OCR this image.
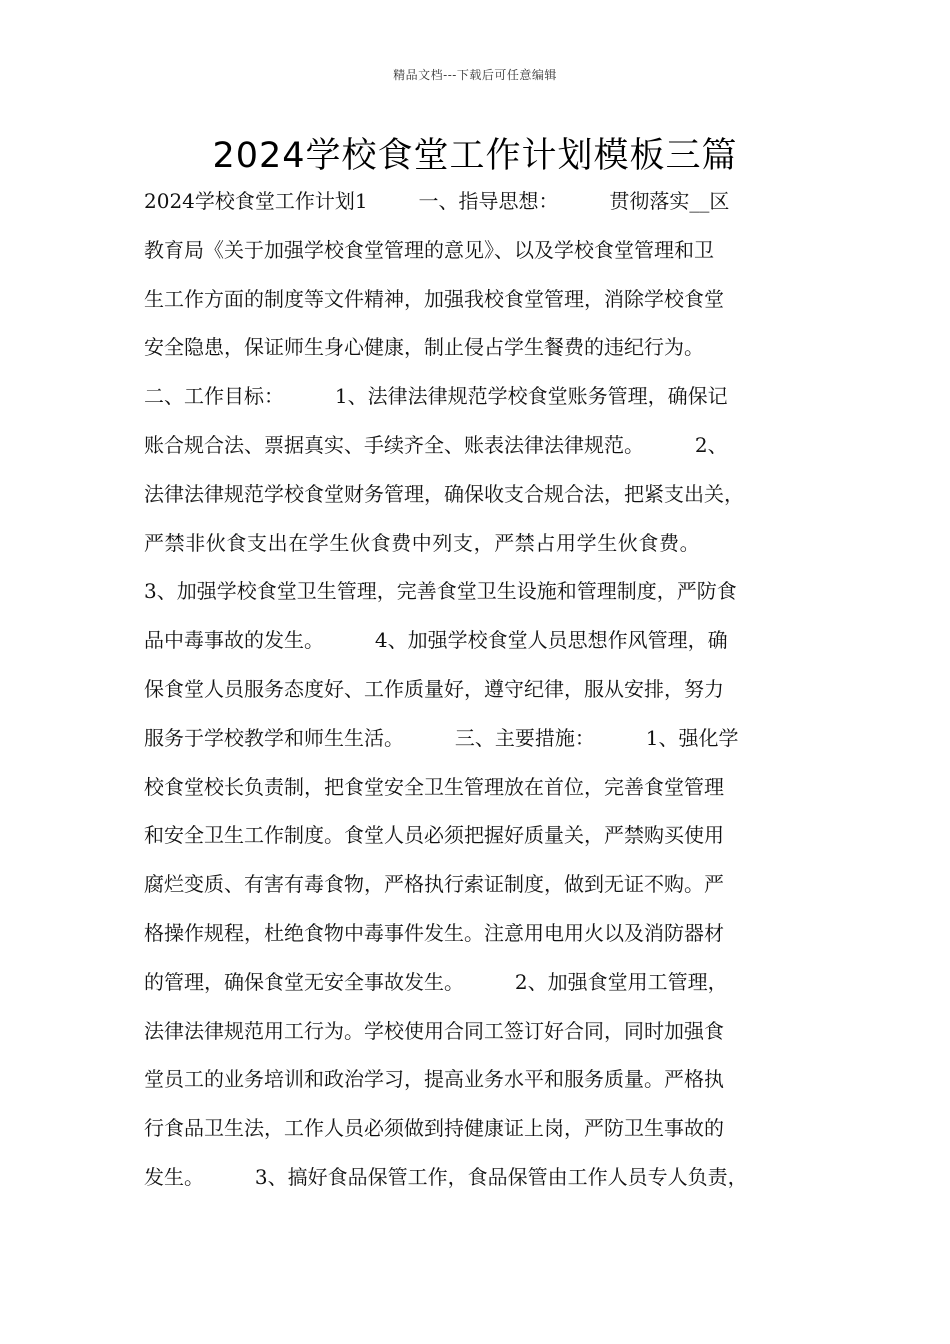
精品文档---下载后可任意编辑
2024学校食堂工作计划模板三篇
2024学校食堂工作计划1        一、指导思想：        贯彻落实__区
教育局《关于加强学校食堂管理的意见》、以及学校食堂管理和卫
生工作方面的制度等文件精神，加强我校食堂管理，消除学校食堂
安全隐患，保证师生身心健康，制止侵占学生餐费的违纪行为。
二、工作目标：        1、法律法律规范学校食堂账务管理，确保记
账合规合法、票据真实、手续齐全、账表法律法律规范。        2、
法律法律规范学校食堂财务管理，确保收支合规合法，把紧支出关，
严禁非伙食支出在学生伙食费中列支，严禁占用学生伙食费。
3、加强学校食堂卫生管理，完善食堂卫生设施和管理制度，严防食
品中毒事故的发生。        4、加强学校食堂人员思想作风管理，确
保食堂人员服务态度好、工作质量好，遵守纪律，服从安排，努力
服务于学校教学和师生生活。        三、主要措施：        1、强化学
校食堂校长负责制，把食堂安全卫生管理放在首位，完善食堂管理
和安全卫生工作制度。食堂人员必须把握好质量关，严禁购买使用
腐烂变质、有害有毒食物，严格执行索证制度，做到无证不购。严
格操作规程，杜绝食物中毒事件发生。注意用电用火以及消防器材
的管理，确保食堂无安全事故发生。        2、加强食堂用工管理，
法律法律规范用工行为。学校使用合同工签订好合同，同时加强食
堂员工的业务培训和政治学习，提高业务水平和服务质量。严格执
行食品卫生法，工作人员必须做到持健康证上岗，严防卫生事故的
发生。        3、搞好食品保管工作，食品保管由工作人员专人负责，
